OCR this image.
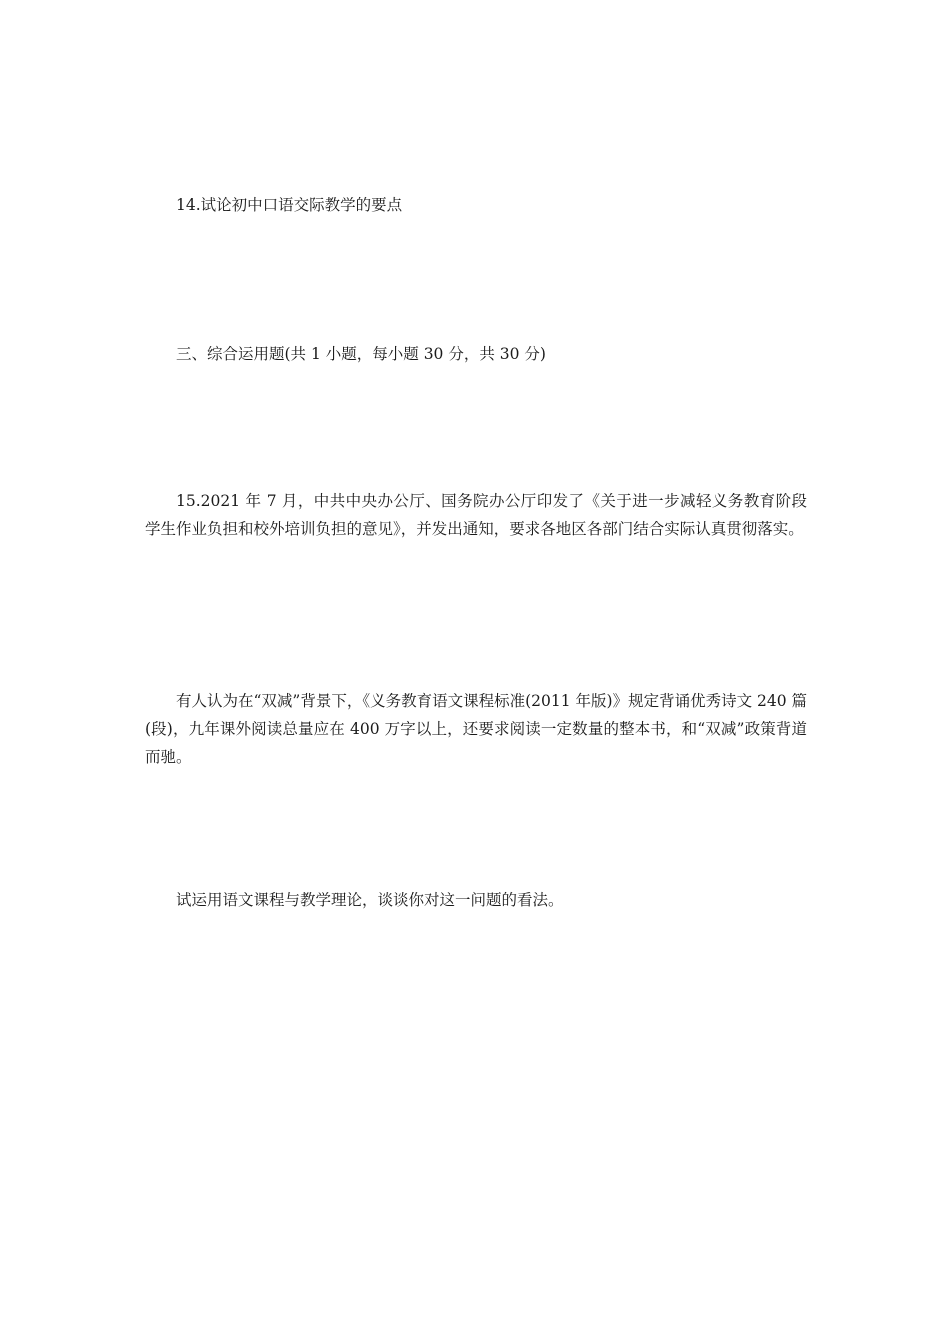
14.试论初中口语交际教学的要点

三、综合运用题(共 1 小题，每小题 30 分，共 30 分)

15.2021 年 7 月，中共中央办公厅、国务院办公厅印发了《关于进一步减轻义务教育阶段学生作业负担和校外培训负担的意见》，并发出通知，要求各地区各部门结合实际认真贯彻落实。

有人认为在“双减”背景下，《义务教育语文课程标准(2011 年版)》规定背诵优秀诗文 240 篇(段)，九年课外阅读总量应在 400 万字以上，还要求阅读一定数量的整本书，和“双减”政策背道而驰。

试运用语文课程与教学理论，谈谈你对这一问题的看法。
